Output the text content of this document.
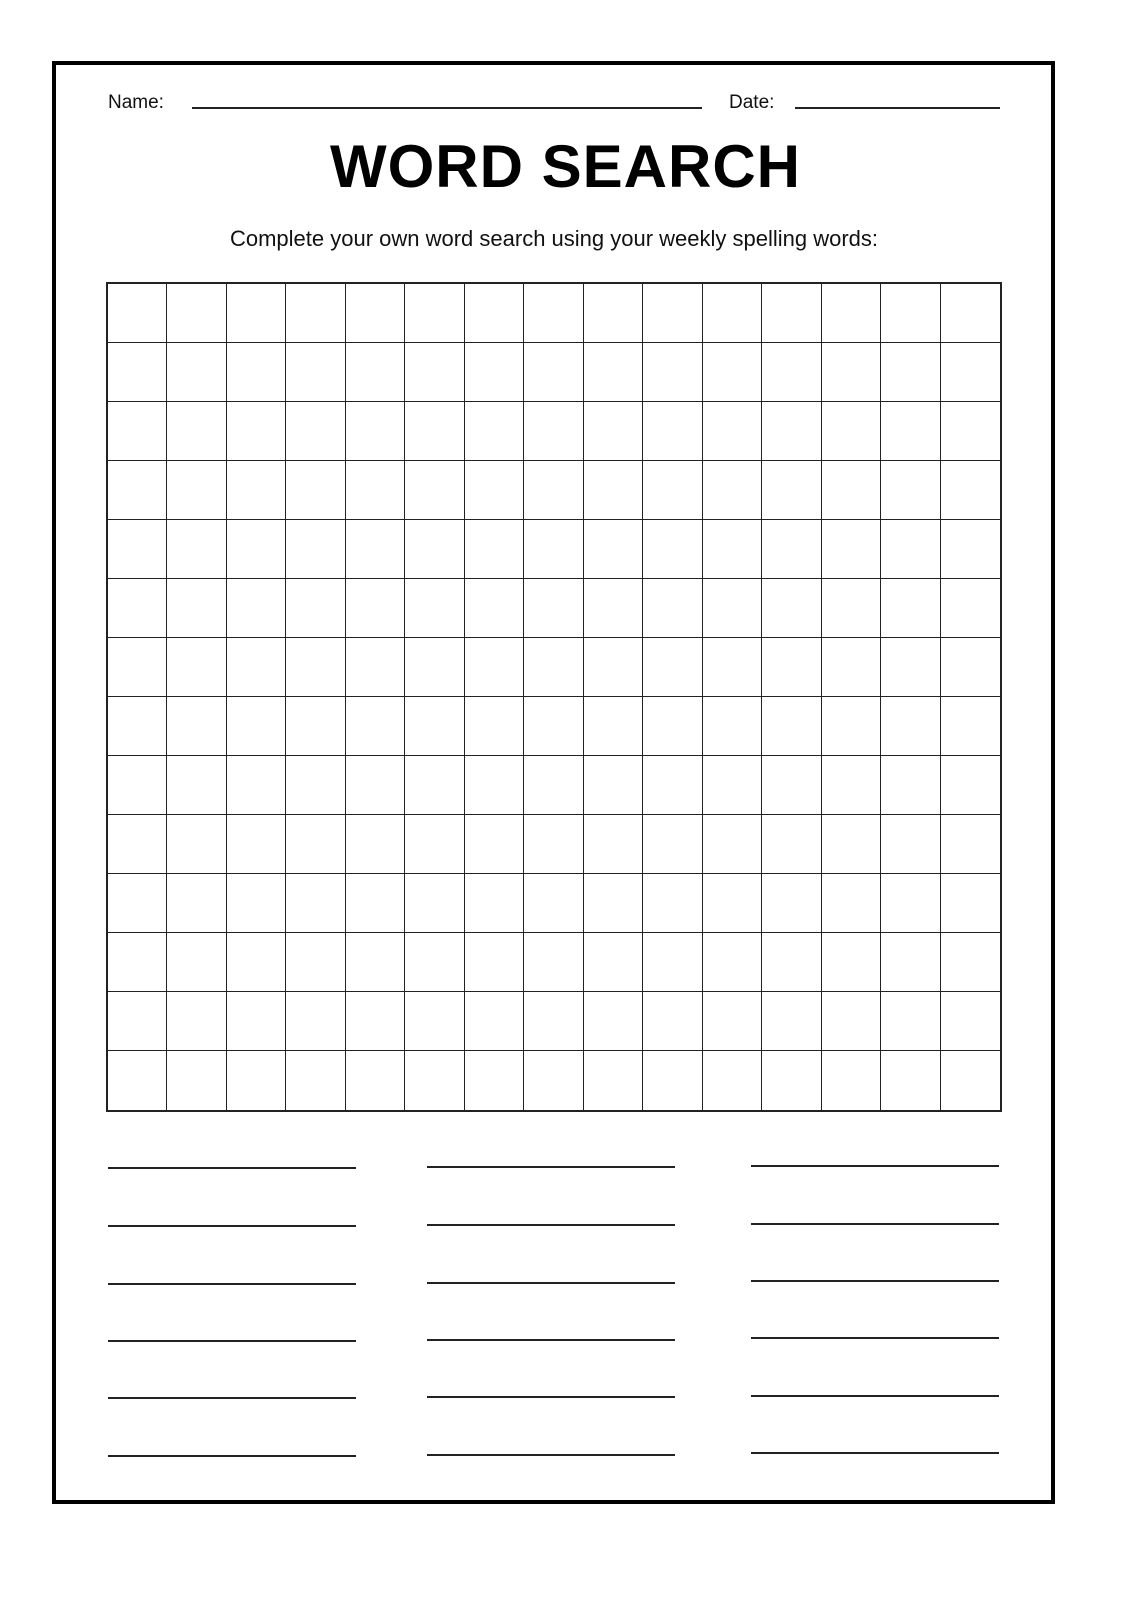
Name:	Date:
WORD SEARCH
Complete your own word search using your weekly spelling words:
